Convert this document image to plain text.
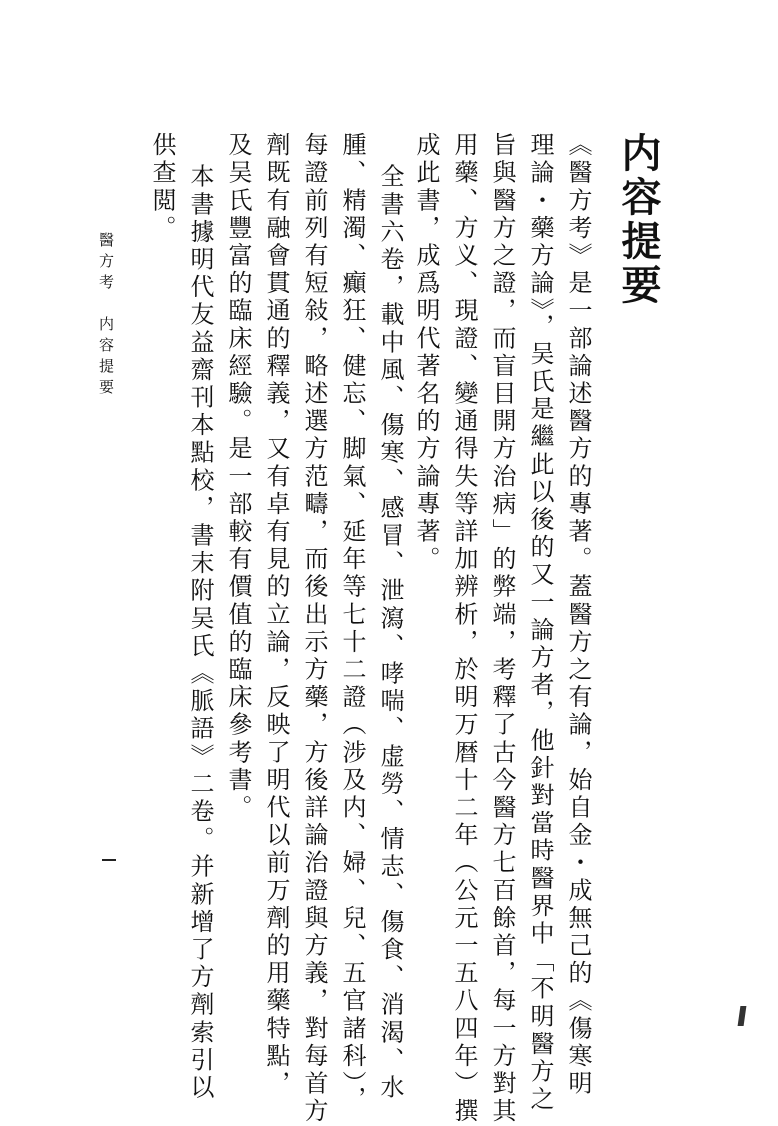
内容提要
《醫方考》是一部論述醫方的專著。蓋醫方之有論，始自金・成無己的《傷寒明
理論・藥方論》，吴氏是繼此以後的又一論方者，他針對當時醫界中「不明醫方之
旨與醫方之證，而盲目開方治病」的弊端，考釋了古今醫方七百餘首，每一方對其
用藥、方义、現證、變通得失等詳加辨析，於明万暦十二年（公元一五八四年）撰
成此書，成爲明代著名的方論專著。
　全書六卷，載中風、傷寒、感冒、泄瀉、哮喘、虚勞、情志、傷食、消渴、水
腫、精濁、癲狂、健忘、脚氣、延年等七十二證（涉及内、婦、兒、五官諸科），
每證前列有短敍，略述選方范疇，而後出示方藥，方後詳論治證與方義，對每首方
劑既有融會貫通的釋義，又有卓有見的立論，反映了明代以前万劑的用藥特點，
及吴氏豐富的臨床經驗。是一部較有價值的臨床參考書。
　本書據明代友益齋刊本點校，書末附吴氏《脈語》二卷。并新增了方劑索引以
供查閲。
醫方考　内容提要
